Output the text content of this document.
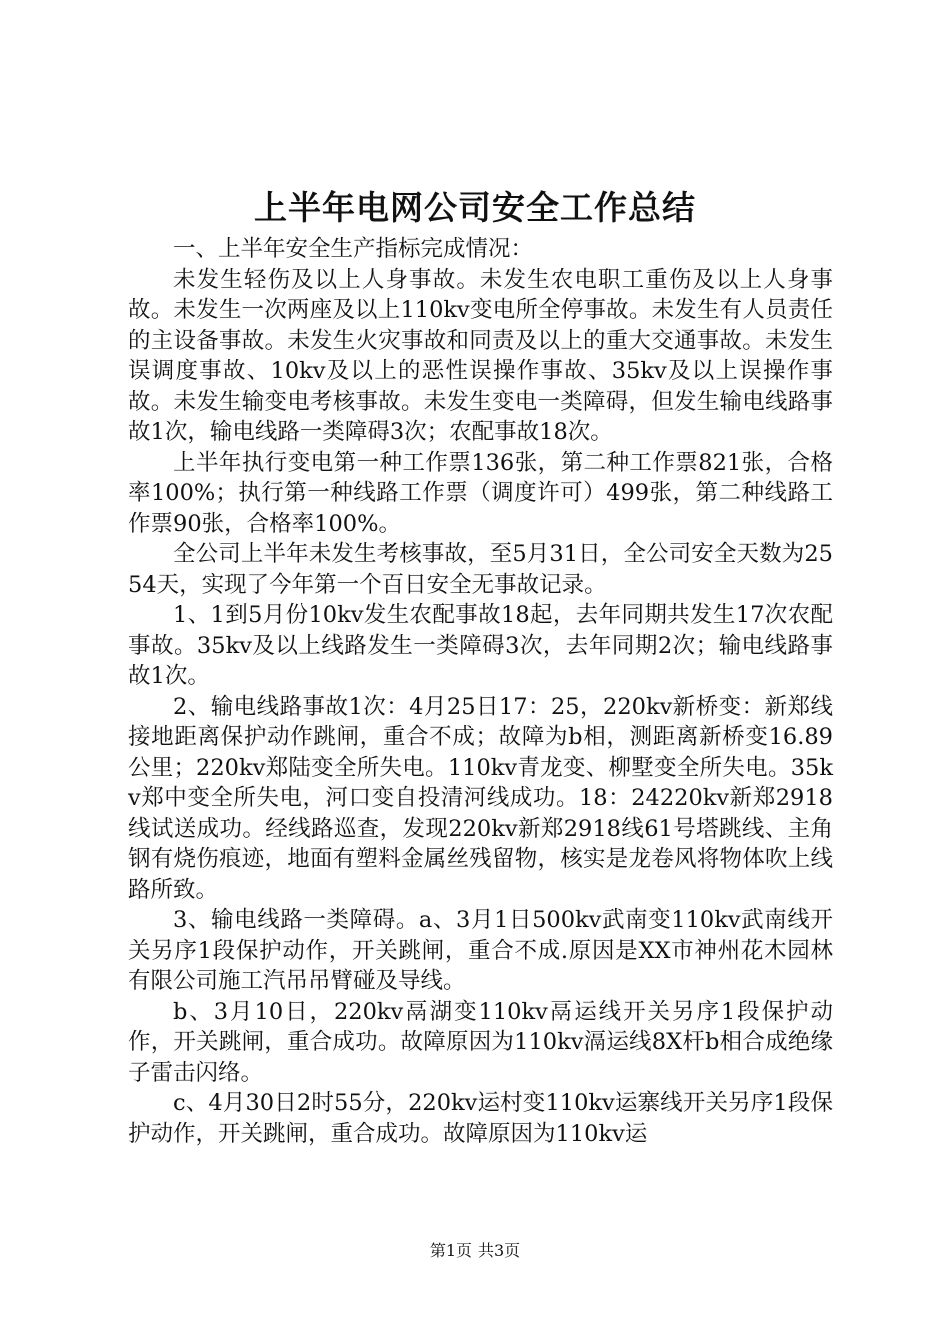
上半年电网公司安全工作总结

一、上半年安全生产指标完成情况：

未发生轻伤及以上人身事故。未发生农电职工重伤及以上人身事故。未发生一次两座及以上110kv变电所全停事故。未发生有人员责任的主设备事故。未发生火灾事故和同责及以上的重大交通事故。未发生误调度事故、10kv及以上的恶性误操作事故、35kv及以上误操作事故。未发生输变电考核事故。未发生变电一类障碍，但发生输电线路事故1次，输电线路一类障碍3次；农配事故18次。

上半年执行变电第一种工作票136张，第二种工作票821张，合格率100%；执行第一种线路工作票（调度许可）499张，第二种线路工作票90张，合格率100%。

全公司上半年未发生考核事故，至5月31日，全公司安全天数为2554天，实现了今年第一个百日安全无事故记录。

1、1到5月份10kv发生农配事故18起，去年同期共发生17次农配事故。35kv及以上线路发生一类障碍3次，去年同期2次；输电线路事故1次。

2、输电线路事故1次：4月25日17：25，220kv新桥变：新郑线接地距离保护动作跳闸，重合不成；故障为b相，测距离新桥变16.89公里；220kv郑陆变全所失电。110kv青龙变、柳墅变全所失电。35kv郑中变全所失电，河口变自投清河线成功。18：24220kv新郑2918线试送成功。经线路巡查，发现220kv新郑2918线61号塔跳线、主角钢有烧伤痕迹，地面有塑料金属丝残留物，核实是龙卷风将物体吹上线路所致。

3、输电线路一类障碍。a、3月1日500kv武南变110kv武南线开关另序1段保护动作，开关跳闸，重合不成.原因是XX市神州花木园林有限公司施工汽吊吊臂碰及导线。

b、3月10日，220kv鬲湖变110kv鬲运线开关另序1段保护动作，开关跳闸，重合成功。故障原因为110kv滆运线8X杆b相合成绝缘子雷击闪络。

c、4月30日2时55分，220kv运村变110kv运寨线开关另序1段保护动作，开关跳闸，重合成功。故障原因为110kv运

第1页 共3页
